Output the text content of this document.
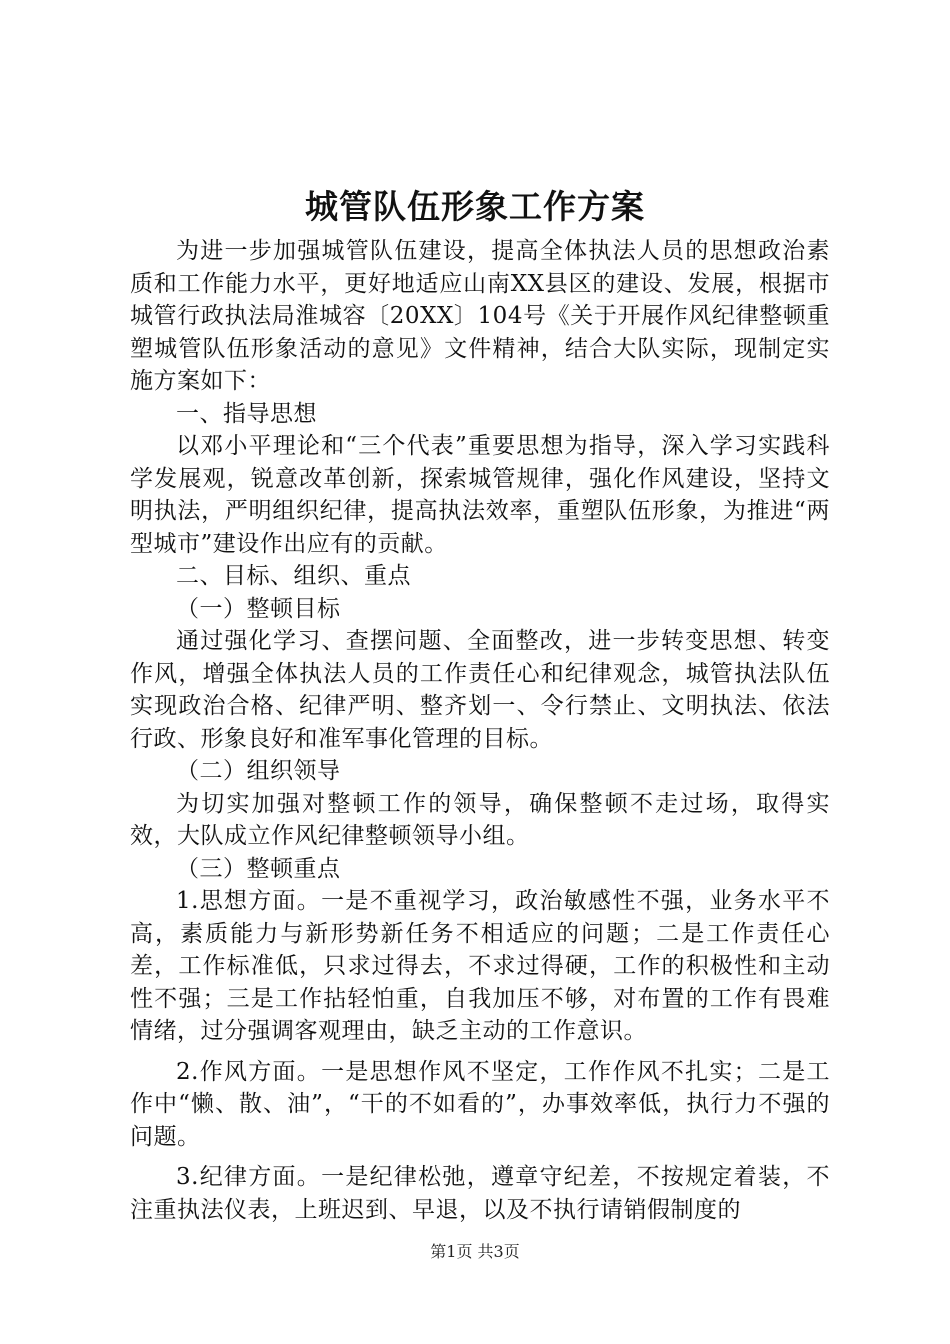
城管队伍形象工作方案

为进一步加强城管队伍建设，提高全体执法人员的思想政治素质和工作能力水平，更好地适应山南XX县区的建设、发展，根据市城管行政执法局淮城容〔20XX〕104号《关于开展作风纪律整顿重塑城管队伍形象活动的意见》文件精神，结合大队实际，现制定实施方案如下：

一、指导思想

以邓小平理论和“三个代表”重要思想为指导，深入学习实践科学发展观，锐意改革创新，探索城管规律，强化作风建设，坚持文明执法，严明组织纪律，提高执法效率，重塑队伍形象，为推进“两型城市”建设作出应有的贡献。

二、目标、组织、重点

（一）整顿目标

通过强化学习、查摆问题、全面整改，进一步转变思想、转变作风，增强全体执法人员的工作责任心和纪律观念，城管执法队伍实现政治合格、纪律严明、整齐划一、令行禁止、文明执法、依法行政、形象良好和准军事化管理的目标。

（二）组织领导

为切实加强对整顿工作的领导，确保整顿不走过场，取得实效，大队成立作风纪律整顿领导小组。

（三）整顿重点

1.思想方面。一是不重视学习，政治敏感性不强，业务水平不高，素质能力与新形势新任务不相适应的问题；二是工作责任心差，工作标准低，只求过得去，不求过得硬，工作的积极性和主动性不强；三是工作拈轻怕重，自我加压不够，对布置的工作有畏难情绪，过分强调客观理由，缺乏主动的工作意识。

2.作风方面。一是思想作风不坚定，工作作风不扎实；二是工作中“懒、散、油”，“干的不如看的”，办事效率低，执行力不强的问题。

3.纪律方面。一是纪律松弛，遵章守纪差，不按规定着装，不注重执法仪表，上班迟到、早退，以及不执行请销假制度的

第1页 共3页
